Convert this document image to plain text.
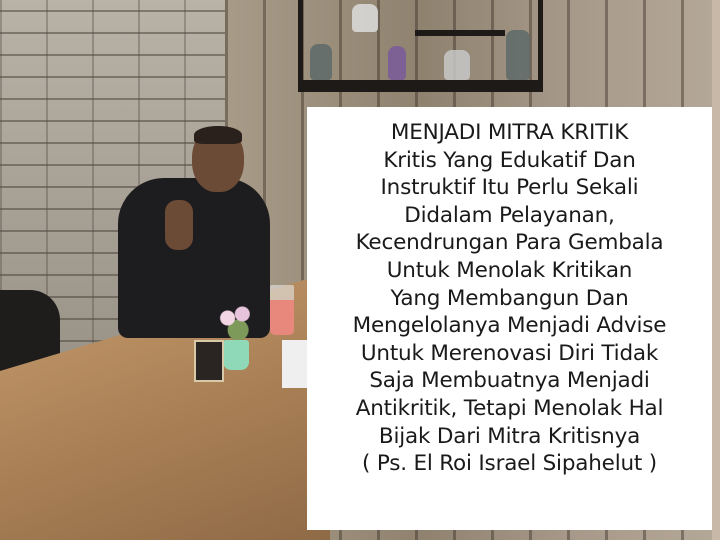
MENJADI MITRA KRITIK
Kritis Yang Edukatif Dan
Instruktif Itu Perlu Sekali
Didalam Pelayanan,
Kecendrungan Para Gembala
Untuk Menolak Kritikan
Yang Membangun Dan
Mengelolanya Menjadi Advise
Untuk Merenovasi Diri Tidak
Saja Membuatnya Menjadi
Antikritik, Tetapi Menolak Hal
Bijak Dari Mitra Kritisnya
( Ps. El Roi Israel Sipahelut )
